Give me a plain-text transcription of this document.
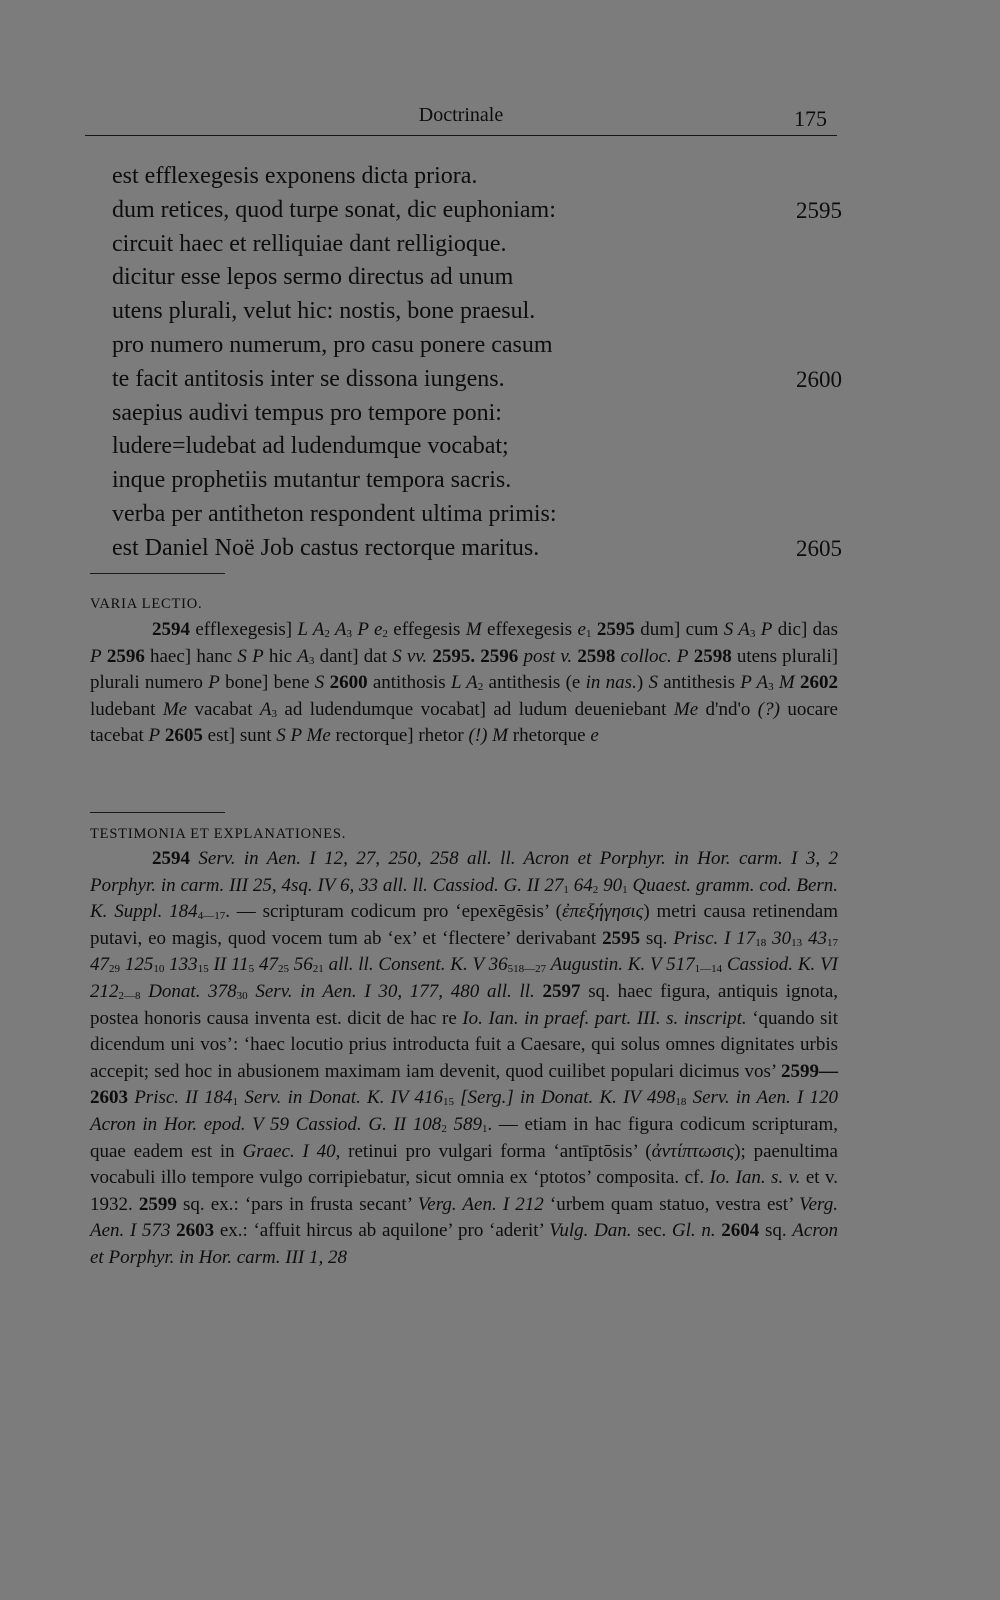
Doctrinale	175
est efflexegesis exponens dicta priora.
dum retices, quod turpe sonat, dic euphoniam:	2595
circuit haec et relliquiae dant relligioque.
dicitur esse lepos sermo directus ad unum
utens plurali, velut hic: nostis, bone praesul.
pro numero numerum, pro casu ponere casum
te facit antitosis inter se dissona iungens.	2600
saepius audivi tempus pro tempore poni:
ludere=ludebat ad ludendumque vocabat;
inque prophetiis mutantur tempora sacris.
verba per antitheton respondent ultima primis:
est Daniel Noë Job castus rectorque maritus.	2605
VARIA LECTIO.

2594 efflexegesis] L $A_2$ $A_3$ P $e_2$ effegesis M effexegesis $e_1$ 2595 dum] cum S $A_3$ P dic] das P 2596 haec] hanc S P hic $A_3$ dant] dat S vv. 2595. 2596 post v. 2598 colloc. P 2598 utens plurali] plurali numero P bone] bene S 2600 antithosis L $A_2$ antithesis (e in nas.) S antithesis P $A_3$ M 2602 ludebant Me vacabat $A_3$ ad ludendumque vocabat] ad ludum deueniebant Me d'nd'o (?) uocare tacebat P 2605 est] sunt S P Me rectorque] rhetor (!) M rhetorque e

TESTIMONIA ET EXPLANATIONES.

2594 Serv. in Aen. I 12, 27, 250, 258 all. ll. Acron et Porphyr. in Hor. carm. I 3, 2 Porphyr. in carm. III 25, 4sq. IV 6, 33 all. ll. Cassiod. G. II $27_1$ $64_2$ $90_1$ Quaest. gramm. cod. Bern. K. Suppl. $184_{4—17}$. — scripturam codicum pro ‘epexēgēsis’ (ἐπεξήγησις) metri causa retinendam putavi, eo magis, quod vocem tum ab ‘ex’ et ‘flectere’ derivabant 2595 sq. Prisc. I $17_{18}$ $30_{13}$ $43_{17}$ $47_{29}$ $125_{10}$ $133_{15}$ II $11_5$ $47_{25}$ $56_{21}$ all. ll. Consent. K. V $36_{518—27}$ Augustin. K. V $517_{1—14}$ Cassiod. K. VI $212_{2—8}$ Donat. $378_{30}$ Serv. in Aen. I 30, 177, 480 all. ll. 2597 sq. haec figura, antiquis ignota, postea honoris causa inventa est. dicit de hac re Io. Ian. in praef. part. III. s. inscript. ‘quando sit dicendum uni vos’: ‘haec locutio prius introducta fuit a Caesare, qui solus omnes dignitates urbis accepit; sed hoc in abusionem maximam iam devenit, quod cuilibet populari dicimus vos’ 2599—2603 Prisc. II $184_1$ Serv. in Donat. K. IV $416_{15}$ [Serg.] in Donat. K. IV $498_{18}$ Serv. in Aen. I 120 Acron in Hor. epod. V 59 Cassiod. G. II $108_2$ $589_1$. — etiam in hac figura codicum scripturam, quae eadem est in Graec. I 40, retinui pro vulgari forma ‘antīptōsis’ (ἀντίπτωσις); paenultima vocabuli illo tempore vulgo corripiebatur, sicut omnia ex ‘ptotos’ composita. cf. Io. Ian. s. v. et v. 1932. 2599 sq. ex.: ‘pars in frusta secant’ Verg. Aen. I 212 ‘urbem quam statuo, vestra est’ Verg. Aen. I 573 2603 ex.: ‘affuit hircus ab aquilone’ pro ‘aderit’ Vulg. Dan. sec. Gl. n. 2604 sq. Acron et Porphyr. in Hor. carm. III 1, 28
